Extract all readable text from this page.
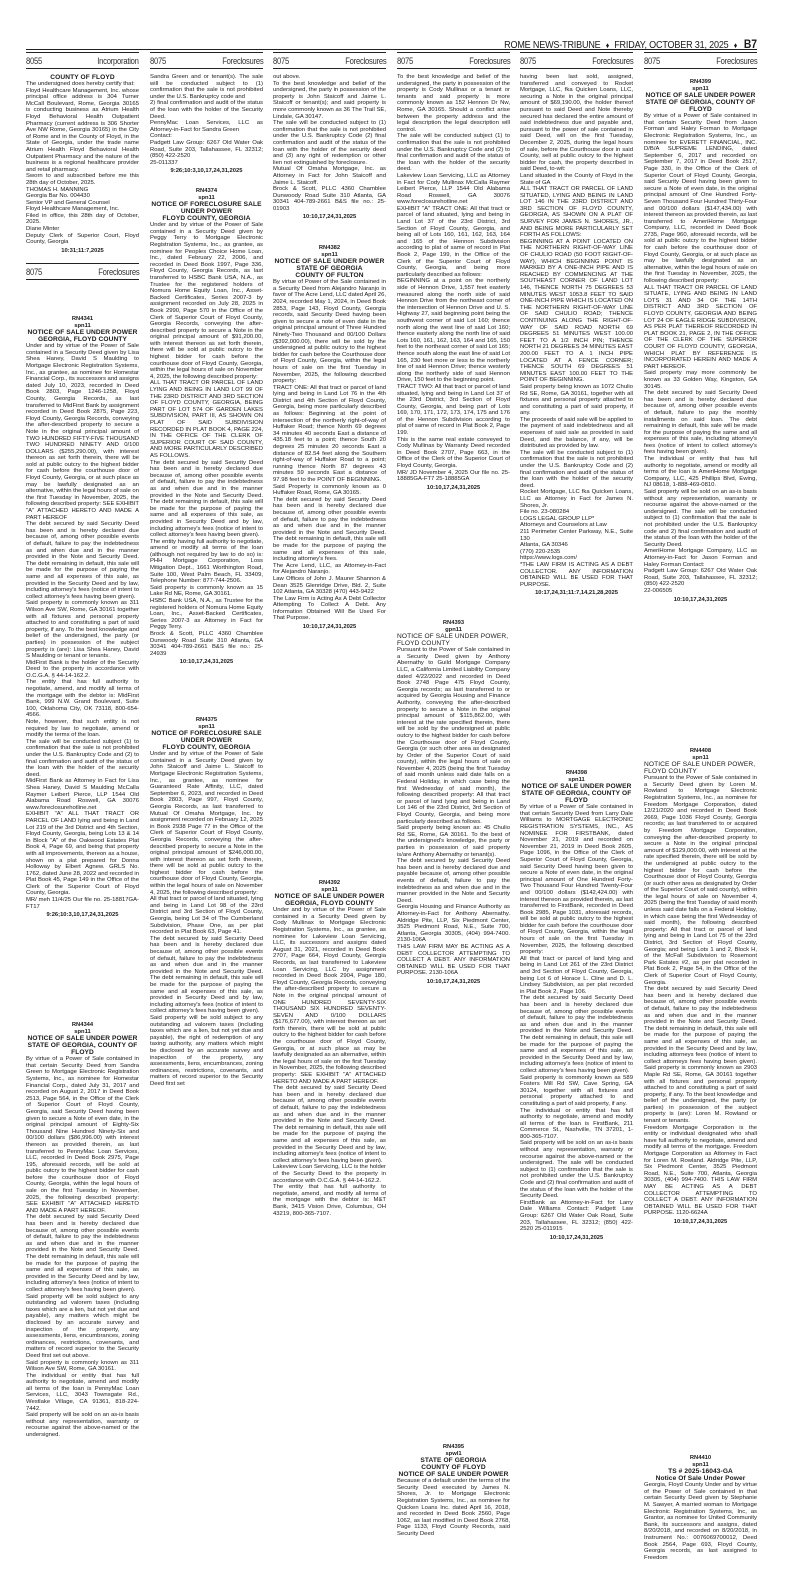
ROME NEWS-TRIBUNE ♦ FRIDAY, OCTOBER 31, 2025 ♦ B7
8055	Incorporation
8075	Foreclosures
COUNTY OF FLOYD

The undersigned does hereby certify that:

Floyd Healthcare Management, Inc. whose principal office address is 304 Turner McCall Boulevard, Rome, Georgia 30165 is conducting business as Atrium Health Floyd Behavioral Health Outpatient Pharmacy (current address is 306 Shorter Ave NW Rome, Georgia 30165) in the City of Rome and in the County of Floyd, in the State of Georgia, under the trade name Atrium Health Floyd Behavioral Health Outpatient Pharmacy and the nature of the business is a regional healthcare provider and retail pharmacy.

Sworn to and subscribed before me this 28th day of October, 2025.

THOMAS H. MANNING

Georgia Bar No. 004430

Senior VP and General Counsel

Floyd Healthcare Management, Inc.

Filed in office, this 28th day of October, 2025.

Diane Minter

Deputy Clerk of Superior Court, Floyd County, Georgia

10:31;11:7,2025
RN4341
spn11
NOTICE OF SALE UNDER POWER
GEORGIA, FLOYD COUNTY

Under and by virtue of the Power of Sale contained in a Security Deed given by Lisa Shea Haney, David S Maulding to Mortgage Electronic Registration Systems, Inc., as grantee, as nominee for Homestar Financial Corp., its successors and assigns dated July 10, 2023, recorded in Deed Book 2803, Page 1246-1258, Floyd County, Georgia Records, as last transferred to MidFirst Bank by assignment recorded in Deed Book 2875, Page 223, Floyd County, Georgia Records, conveying the after-described property to secure a Note in the original principal amount of TWO HUNDRED FIFTY-FIVE THOUSAND TWO HUNDRED NINETY AND 0/100 DOLLARS ($255,290.00), with interest thereon as set forth therein, there will be sold at public outcry to the highest bidder for cash before the courthouse door of Floyd County, Georgia, or at such place as may be lawfully designated as an alternative, within the legal hours of sale on the first Tuesday in November, 2025, the following described property: SEE EXHIBIT "A" ATTACHED HERETO AND MADE A PART HEREOF

The debt secured by said Security Deed has been and is hereby declared due because of, among other possible events of default, failure to pay the indebtedness as and when due and in the manner provided in the Note and Security Deed. The debt remaining in default, this sale will be made for the purpose of paying the same and all expenses of this sale, as provided in the Security Deed and by law, including attorney's fees (notice of intent to collect attorney's fees having been given).

Said property is commonly known as 311 Wilson Ave SW, Rome, GA 30161 together with all fixtures and personal property attached to and constituting a part of said property, if any. To the best knowledge and belief of the undersigned, the party (or parties) in possession of the subject property is (are): Lisa Shea Haney, David S Maulding or tenant or tenants.

MidFirst Bank is the holder of the Security Deed to the property in accordance with O.C.G.A. § 44-14-162.2.

The entity that has full authority to negotiate, amend, and modify all terms of the mortgage with the debtor is: MidFirst Bank, 999 N.W. Grand Boulevard, Suite 100, Oklahoma City, OK 73118, 800-654-4566.

Note, however, that such entity is not required by law to negotiate, amend or modify the terms of the loan.

The sale will be conducted subject (1) to confirmation that the sale is not prohibited under the U.S. Bankruptcy Code and (2) to final confirmation and audit of the status of the loan with the holder of the security deed.

MidFirst Bank as Attorney in Fact for Lisa Shea Haney, David S Maulding McCalla Raymer Leibert Pierce, LLP 1544 Old Alabama Road Roswell, GA 30076 www.foreclosurehotline.net

EXHIBIT "A" ALL THAT TRACT OR PARCEL OF LAND lying and being in Land Lot 219 of the 3rd District and 4th Section, Floyd County, Georgia, being Lots 13 & 14 in Block "A" of the Oakwood Estates Plat Book 4, Page 69, and being that property with all improvements, thereon as a house, shown on a plat prepared for Donna Holloway by Elbert Agnew. GRLS No. 1762, dated June 28, 2022 and recorded in Plat Book 45, Page 149 in the Office of the Clerk of the Superior Court of Floyd County, Georgia.

MR/ meh 11/4/25 Our file no. 25-18817GA-FT17

9:26;10:3,10,17,24,31,2025
RN4344
spn11
NOTICE OF SALE UNDER POWER
STATE OF GEORGIA, COUNTY OF FLOYD

By virtue of a Power of Sale contained in that certain Security Deed from Sandra Green to Mortgage Electronic Registration Systems, Inc., as nominee for Homestar Financial Corp., dated July 31, 2017 and recorded on August 2, 2017 in Deed Book 2513, Page 564, in the Office of the Clerk of Superior Court of Floyd County, Georgia, said Security Deed having been given to secure a Note of even date, in the original principal amount of Eighty-Six Thousand Nine Hundred Ninety-Six and 00/100 dollars ($86,996.00) with interest thereon as provided therein, as last transferred to PennyMac Loan Services, LLC, recorded in Deed Book 2975, Page 195, aforesaid records, will be sold at public outcry to the highest bidder for cash before the courthouse door of Floyd County, Georgia, within the legal hours of sale on the first Tuesday in November, 2025, the following described property: SEE EXHIBIT "A" ATTACHED HERETO AND MADE A PART HEREOF.

The debt secured by said Security Deed has been and is hereby declared due because of, among other possible events of default, failure to pay the indebtedness as and when due and in the manner provided in the Note and Security Deed. The debt remaining in default, this sale will be made for the purpose of paying the same and all expenses of this sale, as provided in the Security Deed and by law, including attorney's fees (notice of intent to collect attorney's fees having been given).

Said property will be sold subject to any outstanding ad valorem taxes (including taxes which are a lien, but not yet due and payable), any matters which might be disclosed by an accurate survey and inspection of the property, any assessments, liens, encumbrances, zoning ordinances, restrictions, covenants, and matters of record superior to the Security Deed first set out above.

Said property is commonly known as 311 Wilson Ave SW, Rome, GA 30161.

The individual or entity that has full authority to negotiate, amend and modify all terms of the loan is PennyMac Loan Services, LLC, 3043 Townsgate Rd., Westlake Village, CA 91361, 818-224-7442.

Said property will be sold on an as-is basis without any representation, warranty or recourse against the above-named or the undersigned.

8075	Foreclosures

Sandra Green and or tenant(s). The sale will be conducted subject to (1) confirmation that the sale is not prohibited under the U.S. Bankruptcy code and

2) final confirmation and audit of the status of the loan with the holder of the Security Deed.

PennyMac Loan Services, LLC as Attorney-in-Fact for Sandra Green

Contact:

Padgett Law Group: 6267 Old Water Oak Road, Suite 203, Tallahassee, FL 32312; (850) 422-2520

25-011337

9:26;10:3,10,17,24,31,2025
RN4374
spn11
NOTICE OF FORECLOSURE SALE UNDER POWER
FLOYD COUNTY, GEORGIA

Under and by virtue of the Power of Sale contained in a Security Deed given by Peggy Terry to Mortgage Electronic Registration Systems, Inc., as grantee, as nominee for Peoples Choice Home Loan, Inc., dated February 22, 2006, and recorded in Deed Book 1997, Page 336, Floyd County, Georgia Records, as last transferred to HSBC Bank USA, N.A., as Trustee for the registered holders of Nomura Home Equity Loan, Inc., Asset-Backed Certificates, Series 2007-3 by assignment recorded on July 28, 2025 in Book 2990, Page 570 in the Office of the Clerk of Superior Court of Floyd County, Georgia Records, conveying the after-described property to secure a Note in the original principal amount of $91,200.00, with interest thereon as set forth therein, there will be sold at public outcry to the highest bidder for cash before the courthouse door of Floyd County, Georgia, within the legal hours of sale on November 4, 2025, the following described property:

ALL THAT TRACT OR PARCEL OF LAND LYING AND BEING IN LAND LOT 99 OF THE 23RD DISTRICT AND 3RD SECTION OF FLOYD COUNTY, GEORGIA, BEING PART OF LOT 574 OF GARDEN LAKES SUBDIVISION, PART III, AS SHOWN ON PLAT OF SAID SUBDIVISION RECORDED IN PLAT BOOK 4, PAGE 224, IN THE OFFICE OF THE CLERK OF SUPERIOR COURT OF SAID COUNTY, AND MORE PARTICULARLY DESCRIBED AS FOLLOWS.

The debt secured by said Security Deed has been and is hereby declared due because of, among other possible events of default, failure to pay the indebtedness as and when due and in the manner provided in the Note and Security Deed. The debt remaining in default, this sale will be made for the purpose of paying the same and all expenses of this sale, as provided in Security Deed and by law, including attorney's fees (notice of intent to collect attorney's fees having been given).

The entity having full authority to negotiate, amend or modify all terms of the loan (although not required by law to do so) is: PHH Mortgage Corporation, Loss Mitigation Dept., 1661 Worthington Road, Suite 100, West Palm Beach, FL 33409, Telephone Number: 877-744-2506.

Said property is commonly known as 15 Lake Rd NE, Rome, GA 30161.

HSBC Bank USA, N.A., as Trustee for the registered holders of Nomura Home Equity Loan, Inc., Asset-Backed Certificates, Series 2007-3 as Attorney in Fact for Peggy Terry.

Brock & Scott, PLLC 4360 Chamblee Dunwoody Road Suite 310 Atlanta, GA 30341 404-789-2661 B&S file no.: 25-24939

10:10,17,24,31,2025
RN4375
spn11
NOTICE OF FORECLOSURE SALE UNDER POWER
FLOYD COUNTY, GEORGIA

Under and by virtue of the Power of Sale contained in a Security Deed given by John Staicoff and Jaime L. Staicoff to Mortgage Electronic Registration Systems, Inc., as grantee, as nominee for Guaranteed Rate Affinity, LLC, dated September 6, 2023, and recorded in Deed Book 2803, Page 997, Floyd County, Georgia Records, as last transferred to Mutual Of Omaha Mortgage, Inc. by assignment recorded on February 12, 2025 in Book 2938 Page 77 in the Office of the Clerk of Superior Court of Floyd County, Georgia Records, conveying the after-described property to secure a Note in the original principal amount of $246,000.00, with interest thereon as set forth therein, there will be sold at public outcry to the highest bidder for cash before the courthouse door of Floyd County, Georgia, within the legal hours of sale on November 4, 2025, the following described property:

All that tract or parcel of land situated, lying and being in Land Lot 98 of the 23rd District and 3rd Section of Floyd County, Georgia, being Lot 34 of The Cumberland Subdivision, Phase One, as per plat recorded in Plat Book 63, Page 41.

The debt secured by said Security Deed has been and is hereby declared due because of, among other possible events of default, failure to pay the indebtedness as and when due and in the manner provided in the Note and Security Deed. The debt remaining in default, this sale will be made for the purpose of paying the same and all expenses of this sale, as provided in Security Deed and by law, including attorney's fees (notice of intent to collect attorney's fees having been given).

Said property will be sold subject to any outstanding ad valorem taxes (including taxes which are a lien, but not yet due and payable), the right of redemption of any taxing authority, any matters which might be disclosed by an accurate survey and inspection of the property, any assessments, liens, encumbrances, zoning ordinances, restrictions, covenants, and matters of record superior to the Security Deed first set

8075	Foreclosures

out above.

To the best knowledge and belief of the undersigned, the party in possession of the property is John Staicoff and Jaime L. Staicoff or tenant(s); and said property is more commonly known as 36 The Trail SE, Lindale, GA 30147.

The sale will be conducted subject to (1) confirmation that the sale is not prohibited under the U.S. Bankruptcy Code (2) final confirmation and audit of the status of the loan with the holder of the security deed and (3) any right of redemption or other lien not extinguished by foreclosure.

Mutual Of Omaha Mortgage, Inc. as Attorney in Fact for John Staicoff and Jaime L. Staicoff.

Brock & Scott, PLLC 4360 Chamblee Dunwoody Road Suite 310 Atlanta, GA 30341 404-789-2661 B&S file no.: 25-01903

10:10,17,24,31,2025
RN4382
spn11
NOTICE OF SALE UNDER POWER
STATE OF GEORGIA
COUNTY OF FULTON

By virtue of Power of the Sale contained in a Security Deed from Alejandro Naranjo in favor of The Acre Lend, LLC dated April 26, 2024, recorded May 1, 2024, in Deed Book 2853, Page 143, Floyd County, Georgia records, said Security Deed having been given to secure a note of even date in the original principal amount of Three Hundred Ninety-Two Thousand and 00/100 Dollars ($392,000.00), there will be sold by the undersigned at public outcry to the highest bidder for cash before the Courthouse door of Floyd County, Georgia, within the legal hours of sale on the first Tuesday in November, 2025, the following described property:

TRACT ONE: All that tract or parcel of land lying and being in Land Lot 76 in the 4th District and 4th Section of Floyd County, Georgia, being more particularly described as follows: Beginning at the point of intersection of the northerly right-of-way of Huffaker Road; thence North 69 degrees 34 minutes 40 seconds East a distance of 435.18 feet to a point; thence South 20 degrees 25 minutes 20 seconds East a distance of 82.54 feet along the Southern right-of-way of Huffaker Road to a point; running thence North 87 degrees 43 minutes 59 seconds East a distance of 97.98 feet to the POINT OF BEGINNING.

Said Property is commonly known as 0 Huffaker Road, Rome, GA 30165.

The debt secured by said Security Deed has been and is hereby declared due because of, among other possible events of default, failure to pay the indebtedness as and when due and in the manner provided in the Note and Security Deed. The debt remaining in default, this sale will be made for the purpose of paying the same and all expenses of this sale, including attorney's fees.

The Acre Lend, LLC, as Attorney-in-Fact for Alejandro Naranjo.

Law Offices of John J. Maurer Shannon & Dean 3525 Glenridge Drive, Bld. 2, Suite 102 Atlanta, GA 30328 (470) 443-9422

The Law Firm is Acting As A Debt Collector Attempting To Collect A Debt. Any Information Obtained Will Be Used For That Purpose.

10:10,17,24,31,2025
RN4392
spn11
NOTICE OF SALE UNDER POWER
GEORGIA, FLOYD COUNTY

Under and by virtue of the Power of Sale contained in a Security Deed given by Cody Mullinax to Mortgage Electronic Registration Systems, Inc., as grantee, as nominee for Lakeview Loan Servicing, LLC, its successors and assigns dated August 31, 2021, recorded in Deed Book 2707, Page 664, Floyd County, Georgia Records, as last transferred to Lakeview Loan Servicing, LLC by assignment recorded in Deed Book 2904, Page 180, Floyd County, Georgia Records, conveying the after-described property to secure a Note in the original principal amount of ONE HUNDRED SEVENTY-SIX THOUSAND SIX HUNDRED SEVENTY-SEVEN AND 0/100 DOLLARS ($176,677.00), with interest thereon as set forth therein, there will be sold at public outcry to the highest bidder for cash before the courthouse door of Floyd County, Georgia, or at such place as may be lawfully designated as an alternative, within the legal hours of sale on the first Tuesday in November, 2025, the following described property: SEE EXHIBIT "A" ATTACHED HERETO AND MADE A PART HEREOF.

The debt secured by said Security Deed has been and is hereby declared due because of, among other possible events of default, failure to pay the indebtedness as and when due and in the manner provided in the Note and Security Deed. The debt remaining in default, this sale will be made for the purpose of paying the same and all expenses of this sale, as provided in the Security Deed and by law, including attorney's fees (notice of intent to collect attorney's fees having been given).

Lakeview Loan Servicing, LLC is the holder of the Security Deed to the property in accordance with O.C.G.A. § 44-14-162.2.

The entity that has full authority to negotiate, amend, and modify all terms of the mortgage with the debtor is: M&T Bank, 3415 Vision Drive, Columbus, OH 43219, 800-365-7107.

8075	Foreclosures

To the best knowledge and belief of the undersigned, the party in possession of the property is Cody Mullinax or a tenant or tenants and said property is more commonly known as 152 Hennon Dr Nw, Rome, GA 30165. Should a conflict arise between the property address and the legal description the legal description will control.

The sale will be conducted subject (1) to confirmation that the sale is not prohibited under the U.S. Bankruptcy Code and (2) to final confirmation and audit of the status of the loan with the holder of the security deed.

Lakeview Loan Servicing, LLC as Attorney in Fact for Cody Mullinax McCalla Raymer Leibert Pierce, LLP 1544 Old Alabama Road Roswell, GA 30076 www.foreclosurehotline.net

EXHIBIT "A" TRACT ONE: All that tract or parcel of land situated, lying and being in Land Lot 37 of the 23rd District, 3rd Section of Floyd County, Georgia, and being all of Lots 160, 161, 162, 163, 164 and 165 of the Hennon Subdivision according to plat of same of record in Plat Book 2, Page 199, in the Office of the Clerk of the Superior Court of Floyd County, Georgia, and being more particularly described as follows:

BEGINNING at a point on the northerly side of Hennon Drive, 1,557 feet easterly measured along the north side of said Hennon Drive from the northeast corner of the intersection of Hennon Drive and U. S. Highway 27, said beginning point being the southwest corner of said Lot 160; thence north along the west line of said Lot 160; thence easterly along the north line of said Lots 160, 161, 162, 163, 164 and 165, 150 feet to the northeast corner of said Lot 165; thence south along the east line of said Lot 165, 230 feet more or less to the northerly line of said Hennon Drive; thence westerly along the northerly side of said Hennon Drive, 150 feet to the beginning point.

TRACT TWO: All that tract or parcel of land situated, lying and being in Land Lot 37 of the 23rd District, 3rd Section of Floyd County, Georgia, and being part of Lots 169, 170, 171, 172, 173, 174, 175 and 176 of the Hennon Subdivision according to plat of same of record in Plat Book 2, Page 199.

This is the same real estate conveyed to Cody Mullinax by Warranty Deed recorded in Deed Book 2707, Page 663, in the Office of the Clerk of the Superior Court of Floyd County, Georgia.

MR/ JD November 4, 2025 Our file no. 25-18885GA-FT7 25-18885GA

10:10,17,24,31,2025
RN4393
gpn11
NOTICE OF SALE UNDER POWER, FLOYD COUNTY

Pursuant to the Power of Sale contained in a Security Deed given by Anthony Abernathy to Guild Mortgage Company LLC, a California Limited Liability Company dated 4/22/2022 and recorded in Deed Book 2748 Page 475 Floyd County, Georgia records; as last transferred to or acquired by Georgia Housing and Finance Authority, conveying the after-described property to secure a Note in the original principal amount of $115,862.00, with interest at the rate specified therein, there will be sold by the undersigned at public outcry to the highest bidder for cash before the Courthouse door of Floyd County, Georgia (or such other area as designated by Order of the Superior Court of said county), within the legal hours of sale on November 4, 2025 (being the first Tuesday of said month unless said date falls on a Federal Holiday, in which case being the first Wednesday of said month), the following described property: All that tract or parcel of land lying and being in Land Lot 146 of the 23rd District, 3rd Section of Floyd County, Georgia, and being more particularly described as follows.

Said property being known as: 45 Chulio Rd SE, Rome, GA 30161. To the best of the undersigned's knowledge, the party or parties in possession of said property is/are Anthony Abernathy or tenant(s).

The debt secured by said Security Deed has been and is hereby declared due and payable because of, among other possible events of default, failure to pay the indebtedness as and when due and in the manner provided in the Note and Security Deed.

Georgia Housing and Finance Authority as Attorney-in-Fact for Anthony Abernathy. Aldridge Pite, LLP, Six Piedmont Center, 3525 Piedmont Road, N.E., Suite 700, Atlanta, Georgia 30305, (404) 994-7400. 2130-106A

THIS LAW FIRM MAY BE ACTING AS A DEBT COLLECTOR ATTEMPTING TO COLLECT A DEBT. ANY INFORMATION OBTAINED WILL BE USED FOR THAT PURPOSE. 2130-106A

10:10,17,24,31,2025
RN4395
spwl1
STATE OF GEORGIA
COUNTY OF FLOYD
NOTICE OF SALE UNDER POWER

Because of a default under the terms of the Security Deed executed by James N. Shores, Jr. to Mortgage Electronic Registration Systems, Inc., as nominee for Quicken Loans Inc. dated April 16, 2018, and recorded in Deed Book 2560, Page 1062, as last modified in Deed Book 2768, Page 1133, Floyd County Records, said Security Deed

8075	Foreclosures

having been last sold, assigned, transferred and conveyed to Rocket Mortgage, LLC, fka Quicken Loans, LLC, securing a Note in the original principal amount of $69,190.00, the holder thereof pursuant to said Deed and Note thereby secured has declared the entire amount of said indebtedness due and payable and, pursuant to the power of sale contained in said Deed, will on the first Tuesday, December 2, 2025, during the legal hours of sale, before the Courthouse door in said County, sell at public outcry to the highest bidder for cash, the property described in said Deed, to-wit:

Land situated in the County of Floyd in the State of GA

ALL THAT TRACT OR PARCEL OF LAND SITUATED, LYING AND BEING IN LAND LOT 146 IN THE 23RD DISTRICT AND 3RD SECTION OF FLOYD COUNTY, GEORGIA, AS SHOWN ON A PLAT OF SURVEY FOR JAMES N. SHORES, JR., AND BEING MORE PARTICULARLY SET FORTH AS FOLLOWS:

BEGINNING AT A POINT LOCATED ON THE NORTHERN RIGHT-OF-WAY LINE OF CHULIO ROAD (50 FOOT RIGHT-OF-WAY), WHICH BEGINNING POINT IS MARKED BY A ONE-INCH PIPE AND IS REACHED BY COMMENCING AT THE SOUTHEAST CORNER OF LAND LOT 146, THENCE NORTH 75 DEGREES 53 MINUTES WEST 1053.8 FEET TO SAID ONE-INCH PIPE WHICH IS LOCATED ON THE NORTHERN RIGHT-OF-WAY LINE OF SAID CHULIO ROAD; THENCE CONTINUING ALONG THE RIGHT-OF-WAY OF SAID ROAD NORTH 69 DEGREES 51 MINUTES WEST 100.00 FEET TO A 1/2 INCH PIN; THENCE NORTH 21 DEGREES 34 MINUTES EAST 200.00 FEET TO A 1 INCH PIPE LOCATED AT A FENCE CORNER; THENCE SOUTH 69 DEGREES 51 MINUTES EAST 100.00 FEET TO THE POINT OF BEGINNING.

Said property being known as 1072 Chulio Rd SE, Rome, GA 30161, together with all fixtures and personal property attached to and constituting a part of said property, if any.

The proceeds of said sale will be applied to the payment of said indebtedness and all expenses of said sale as provided in said Deed, and the balance, if any, will be distributed as provided by law.

The sale will be conducted subject to (1) confirmation that the sale is not prohibited under the U.S. Bankruptcy Code and (2) final confirmation and audit of the status of the loan with the holder of the security deed.

Rocket Mortgage, LLC fka Quicken Loans, LLC as Attorney in Fact for James N. Shores, Jr.

File no. 23-080284

LOGS LEGAL GROUP LLP*

Attorneys and Counselors at Law

211 Perimeter Center Parkway, N.E., Suite 130

Atlanta, GA 30346

(770) 220-2535

https://www.logs.com/

*THE LAW FIRM IS ACTING AS A DEBT COLLECTOR. ANY INFORMATION OBTAINED WILL BE USED FOR THAT PURPOSE.

10:17,24,31;11:7,14,21,28,2025
RN4398
spn11
NOTICE OF SALE UNDER POWER
STATE OF GEORGIA, COUNTY OF FLOYD

By virtue of a Power of Sale contained in that certain Security Deed from Larry Dale Williams to MORTGAGE ELECTRONIC REGISTRATION SYSTEMS, INC., AS NOMINEE FOR FIRSTBANK, dated November 21, 2019 and recorded on November 21, 2019 in Deed Book 2605, Page 1096, in the Office of the Clerk of Superior Court of Floyd County, Georgia, said Security Deed having been given to secure a Note of even date, in the original principal amount of One Hundred Forty-Two Thousand Four Hundred Twenty-Four and 00/100 dollars ($142,424.00) with interest thereon as provided therein, as last transferred to FirstBank, recorded in Deed Book 2985, Page 1031, aforesaid records, will be sold at public outcry to the highest bidder for cash before the courthouse door of Floyd County, Georgia, within the legal hours of sale on the first Tuesday in November, 2025, the following described property:

All that tract or parcel of land lying and being in Land Lot 261 of the 23rd District and 3rd Section of Floyd County, Georgia, being Lot 6 of Horace L. Cline and D. L. Lindsey Subdivision, as per plat recorded in Plat Book 2, Page 106.

The debt secured by said Security Deed has been and is hereby declared due because of, among other possible events of default, failure to pay the indebtedness as and when due and in the manner provided in the Note and Security Deed. The debt remaining in default, this sale will be made for the purpose of paying the same and all expenses of this sale, as provided in the Security Deed and by law, including attorney's fees (notice of intent to collect attorney's fees having been given).

Said property is commonly known as 589 Fosters Mill Rd SW, Cave Spring, GA 30124, together with all fixtures and personal property attached to and constituting a part of said property, if any.

The individual or entity that has full authority to negotiate, amend and modify all terms of the loan is FirstBank, 211 Commerce St., Nashville, TN 37201, 1-800-365-7107.

Said property will be sold on an as-is basis without any representation, warranty or recourse against the above-named or the undersigned. The sale will be conducted subject to (1) confirmation that the sale is not prohibited under the U.S. Bankruptcy Code and (2) final confirmation and audit of the status of the loan with the holder of the Security Deed.

FirstBank as Attorney-in-Fact for Larry Dale Williams Contact: Padgett Law Group: 6267 Old Water Oak Road, Suite 203, Tallahassee, FL 32312; (850) 422-2520 25-011915

10:10,17,24,31,2025
8075	Foreclosures
RN4399
spn11
NOTICE OF SALE UNDER POWER
STATE OF GEORGIA, COUNTY OF FLOYD

By virtue of a Power of Sale contained in that certain Security Deed from Jason Forman and Haley Forman to Mortgage Electronic Registration Systems, Inc., as nominee for EVERETT FINANCIAL, INC. D/B/A SUPREME LENDING, dated September 6, 2017 and recorded on September 7, 2017 in Deed Book 2517, Page 330, in the Office of the Clerk of Superior Court of Floyd County, Georgia, said Security Deed having been given to secure a Note of even date, in the original principal amount of One Hundred Forty-Seven Thousand Four Hundred Thirty-Four and 00/100 dollars ($147,434.00) with interest thereon as provided therein, as last transferred to AmeriHome Mortgage Company, LLC, recorded in Deed Book 2735, Page 960, aforesaid records, will be sold at public outcry to the highest bidder for cash before the courthouse door of Floyd County, Georgia, or at such place as may be lawfully designated as an alternative, within the legal hours of sale on the first Tuesday in November, 2025, the following described property:

ALL THAT TRACT OR PARCEL OF LAND SITUATE, LYING AND BEING IN LAND LOTS 31 AND 34 OF THE 14TH DISTRICT AND 3RD SECTION OF FLOYD COUNTY, GEORGIA AND BEING LOT 24 OF EAGLE RIDGE SUBDIVISION, AS PER PLAT THEREOF RECORDED IN PLAT BOOK 21, PAGE 2, IN THE OFFICE OF THE CLERK OF THE SUPERIOR COURT OF FLOYD COUNTY, GEORGIA, WHICH PLAT BY REFERENCE IS INCORPORATED HEREIN AND MADE A PART HEREOF.

Said property may more commonly be known as 33 Golden Way, Kingston, GA 30145.

The debt secured by said Security Deed has been and is hereby declared due because of, among other possible events of default, failure to pay the monthly installments on said loan. The debt remaining in default, this sale will be made for the purpose of paying the same and all expenses of this sale, including attorney's fees (notice of intent to collect attorney's fees having been given).

The individual or entity that has full authority to negotiate, amend or modify all terms of the loan is AmeriHome Mortgage Company, LLC, 425 Phillips Blvd, Ewing, NJ 08618, 1-888-469-0810.

Said property will be sold on an as-is basis without any representation, warranty or recourse against the above-named or the undersigned. The sale will be conducted subject to (1) confirmation that the sale is not prohibited under the U.S. Bankruptcy code and 2) final confirmation and audit of the status of the loan with the holder of the Security Deed.

AmeriHome Mortgage Company, LLC as Attorney-in-Fact for Jason Forman and Haley Forman Contact:

Padgett Law Group: 6267 Old Water Oak Road, Suite 203, Tallahassee, FL 32312; (850) 422-2520

22-006505

10:10,17,24,31,2025
RN4408
spn11
NOTICE OF SALE UNDER POWER, FLOYD COUNTY

Pursuant to the Power of Sale contained in a Security Deed given by Loren M. Rowland to Mortgage Electronic Registration Systems, Inc., as nominee for Freedom Mortgage Corporation, dated 12/21/2020 and recorded in Deed Book 2669, Page 1036 Floyd County, Georgia records; as last transferred to or acquired by Freedom Mortgage Corporation, conveying the after-described property to secure a Note in the original principal amount of $129,000.00, with interest at the rate specified therein, there will be sold by the undersigned at public outcry to the highest bidder for cash before the Courthouse door of Floyd County, Georgia (or such other area as designated by Order of the Superior Court of said county), within the legal hours of sale on November 4, 2025 (being the first Tuesday of said month unless said date falls on a Federal Holiday, in which case being the first Wednesday of said month), the following described property: All that tract or parcel of land lying and being in Land Lot 75 of the 23rd District, 3rd Section of Floyd County, Georgia; and being Lots 1 and 2, Block H, of the McFall Subdivision to Rosemont Park Estates #2, as per plat recorded in Plat Book 2, Page 54, in the Office of the Clerk of Superior Court of Floyd County, Georgia.

The debt secured by said Security Deed has been and is hereby declared due because of, among other possible events of default, failure to pay the indebtedness as and when due and in the manner provided in the Note and Security Deed. The debt remaining in default, this sale will be made for the purpose of paying the same and all expenses of this sale, as provided in the Security Deed and by law, including attorneys fees (notice of intent to collect attorneys fees having been given). Said property is commonly known as 2903 Maple Rd SE, Rome, GA 30161 together with all fixtures and personal property attached to and constituting a part of said property, if any. To the best knowledge and belief of the undersigned, the party (or parties) in possession of the subject property is (are): Loren M. Rowland or tenant or tenants.

Freedom Mortgage Corporation is the entity or individual designated who shall have full authority to negotiate, amend and modify all terms of the mortgage. Freedom Mortgage Corporation as Attorney in Fact for Loren M. Rowland. Aldridge Pite, LLP, Six Piedmont Center, 3525 Piedmont Road, N.E., Suite 700, Atlanta, Georgia 30305, (404) 994-7400. THIS LAW FIRM MAY BE ACTING AS A DEBT COLLECTOR ATTEMPTING TO COLLECT A DEBT. ANY INFORMATION OBTAINED WILL BE USED FOR THAT PURPOSE. 1120-6624A

10:10,17,24,31,2025
RN4410
spn11
TS # 2025-16043-GA
Notice Of Sale Under Power

Georgia, Floyd County Under and by virtue of the Power of Sale contained in that certain Security Deed given by Stephanie M. Sawyer, A married woman to Mortgage Electronic Registration Systems, Inc, as Grantor, as nominee for United Community Bank, its successors and assigns, dated 8/20/2018, and recorded on 8/20/2018, in Instrument No.: 0076069700012, Deed Book 2564, Page 693, Floyd County, Georgia records, as last assigned to Freedom
